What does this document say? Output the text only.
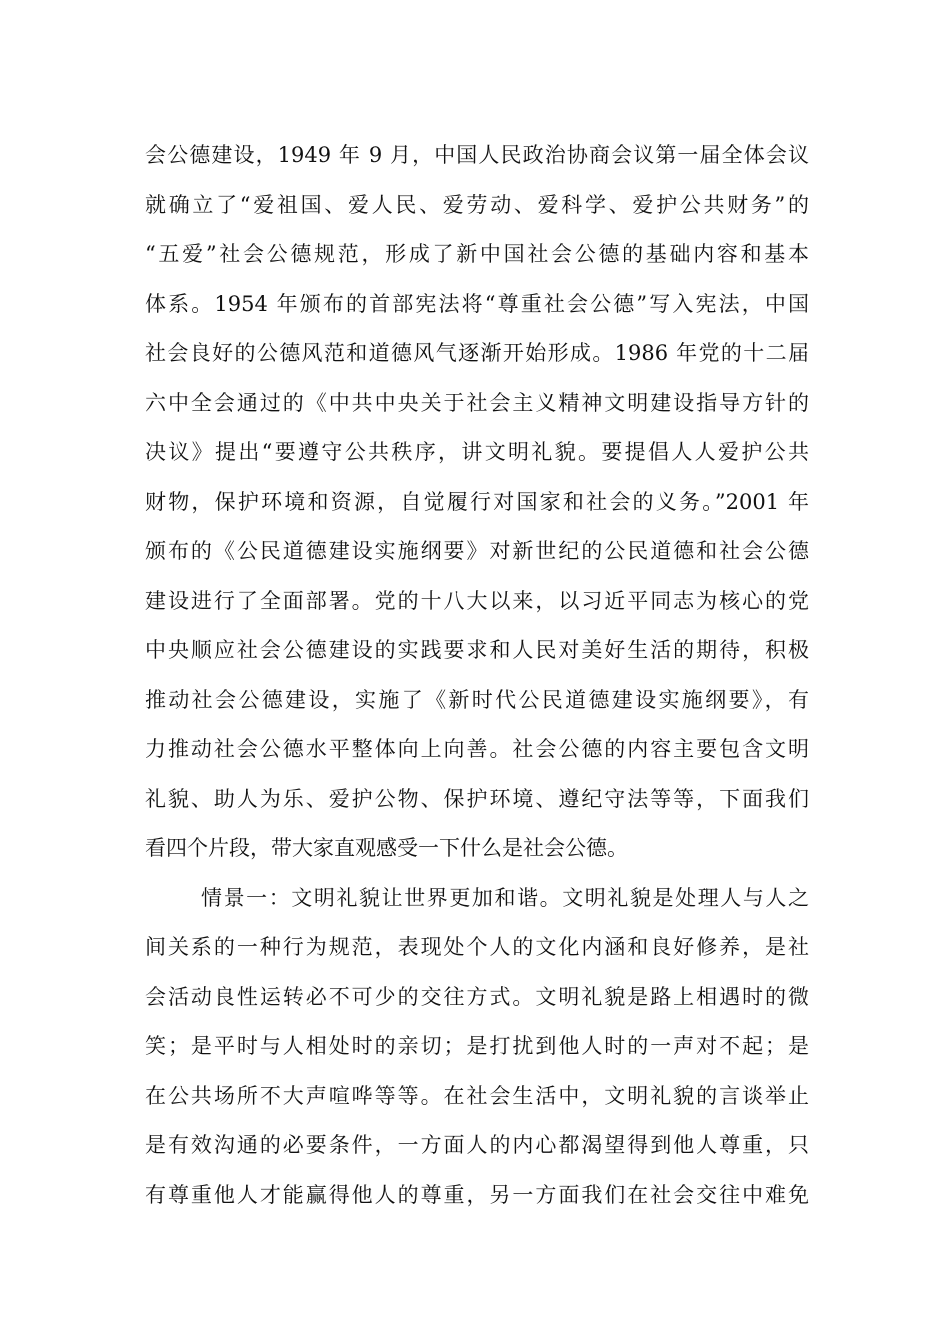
会公德建设，1949 年 9 月，中国人民政治协商会议第一届全体会议
就确立了“爱祖国、爱人民、爱劳动、爱科学、爱护公共财务”的
“五爱”社会公德规范，形成了新中国社会公德的基础内容和基本
体系。1954 年颁布的首部宪法将“尊重社会公德”写入宪法，中国
社会良好的公德风范和道德风气逐渐开始形成。1986 年党的十二届
六中全会通过的《中共中央关于社会主义精神文明建设指导方针的
决议》提出“要遵守公共秩序，讲文明礼貌。要提倡人人爱护公共
财物，保护环境和资源，自觉履行对国家和社会的义务。”2001 年
颁布的《公民道德建设实施纲要》对新世纪的公民道德和社会公德
建设进行了全面部署。党的十八大以来，以习近平同志为核心的党
中央顺应社会公德建设的实践要求和人民对美好生活的期待，积极
推动社会公德建设，实施了《新时代公民道德建设实施纲要》，有
力推动社会公德水平整体向上向善。社会公德的内容主要包含文明
礼貌、助人为乐、爱护公物、保护环境、遵纪守法等等，下面我们
看四个片段，带大家直观感受一下什么是社会公德。
情景一：文明礼貌让世界更加和谐。文明礼貌是处理人与人之
间关系的一种行为规范，表现处个人的文化内涵和良好修养，是社
会活动良性运转必不可少的交往方式。文明礼貌是路上相遇时的微
笑；是平时与人相处时的亲切；是打扰到他人时的一声对不起；是
在公共场所不大声喧哗等等。在社会生活中，文明礼貌的言谈举止
是有效沟通的必要条件，一方面人的内心都渴望得到他人尊重，只
有尊重他人才能赢得他人的尊重，另一方面我们在社会交往中难免
